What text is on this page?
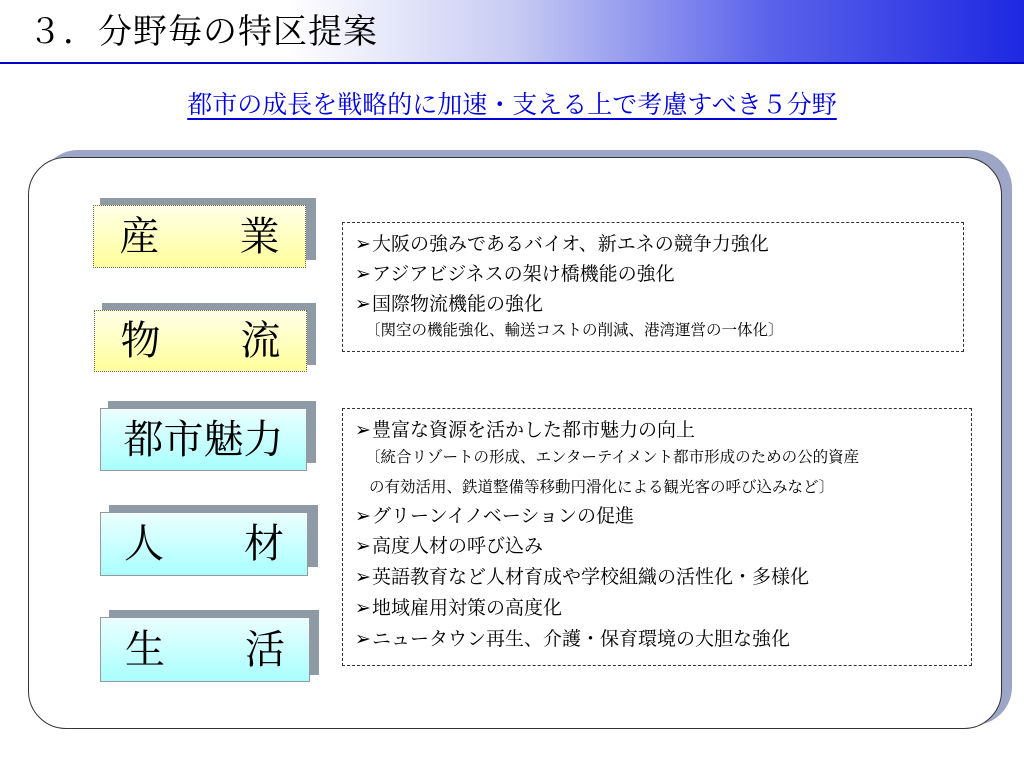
３．分野毎の特区提案
都市の成長を戦略的に加速・支える上で考慮すべき５分野
産　　業
物　　流
都市魅力
人　　材
生　　活
➢大阪の強みであるバイオ、新エネの競争力強化
➢アジアビジネスの架け橋機能の強化
➢国際物流機能の強化
〔関空の機能強化、輸送コストの削減、港湾運営の一体化〕
➢豊富な資源を活かした都市魅力の向上
〔統合リゾートの形成、エンターテイメント都市形成のための公的資産
の有効活用、鉄道整備等移動円滑化による観光客の呼び込みなど〕
➢グリーンイノベーションの促進
➢高度人材の呼び込み
➢英語教育など人材育成や学校組織の活性化・多様化
➢地域雇用対策の高度化
➢ニュータウン再生、介護・保育環境の大胆な強化
